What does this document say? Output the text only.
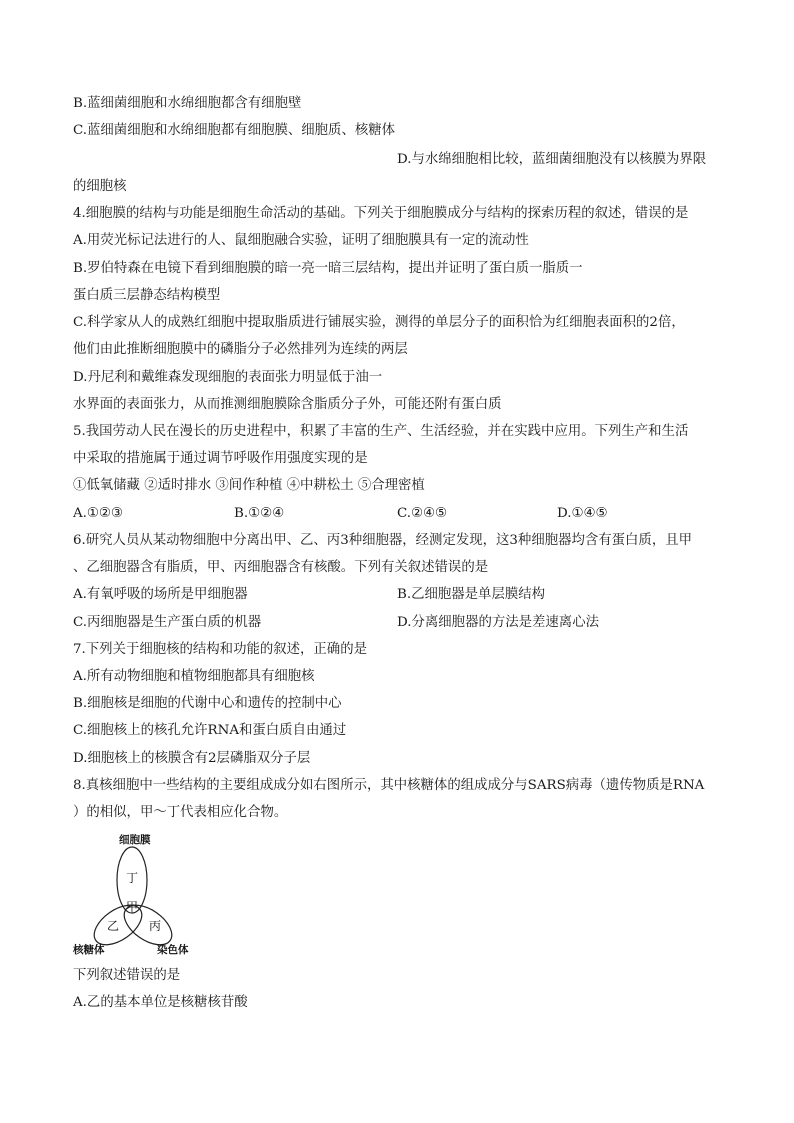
B.蓝细菌细胞和水绵细胞都含有细胞壁
C.蓝细菌细胞和水绵细胞都有细胞膜、细胞质、核糖体
D.与水绵细胞相比较，蓝细菌细胞没有以核膜为界限
的细胞核
4.细胞膜的结构与功能是细胞生命活动的基础。下列关于细胞膜成分与结构的探索历程的叙述，错误的是
A.用荧光标记法进行的人、鼠细胞融合实验，证明了细胞膜具有一定的流动性
B.罗伯特森在电镜下看到细胞膜的暗一亮一暗三层结构，提出并证明了蛋白质一脂质一
蛋白质三层静态结构模型
C.科学家从人的成熟红细胞中提取脂质进行铺展实验，测得的单层分子的面积恰为红细胞表面积的2倍，
他们由此推断细胞膜中的磷脂分子必然排列为连续的两层
D.丹尼利和戴维森发现细胞的表面张力明显低于油一
水界面的表面张力，从而推测细胞膜除含脂质分子外，可能还附有蛋白质
5.我国劳动人民在漫长的历史进程中，积累了丰富的生产、生活经验，并在实践中应用。下列生产和生活
中采取的措施属于通过调节呼吸作用强度实现的是
①低氧储藏 ②适时排水 ③间作种植 ④中耕松土 ⑤合理密植
A.①②③	B.①②④	C.②④⑤	D.①④⑤
6.研究人员从某动物细胞中分离出甲、乙、丙3种细胞器，经测定发现，这3种细胞器均含有蛋白质，且甲
、乙细胞器含有脂质，甲、丙细胞器含有核酸。下列有关叙述错误的是
A.有氧呼吸的场所是甲细胞器	B.乙细胞器是单层膜结构
C.丙细胞器是生产蛋白质的机器	D.分离细胞器的方法是差速离心法
7.下列关于细胞核的结构和功能的叙述，正确的是
A.所有动物细胞和植物细胞都具有细胞核
B.细胞核是细胞的代谢中心和遗传的控制中心
C.细胞核上的核孔允许RNA和蛋白质自由通过
D.细胞核上的核膜含有2层磷脂双分子层
8.真核细胞中一些结构的主要组成成分如右图所示，其中核糖体的组成成分与SARS病毒（遗传物质是RNA
）的相似，甲～丁代表相应化合物。
细胞膜
核糖体	染色体
丁
甲
乙 丙
下列叙述错误的是
A.乙的基本单位是核糖核苷酸
